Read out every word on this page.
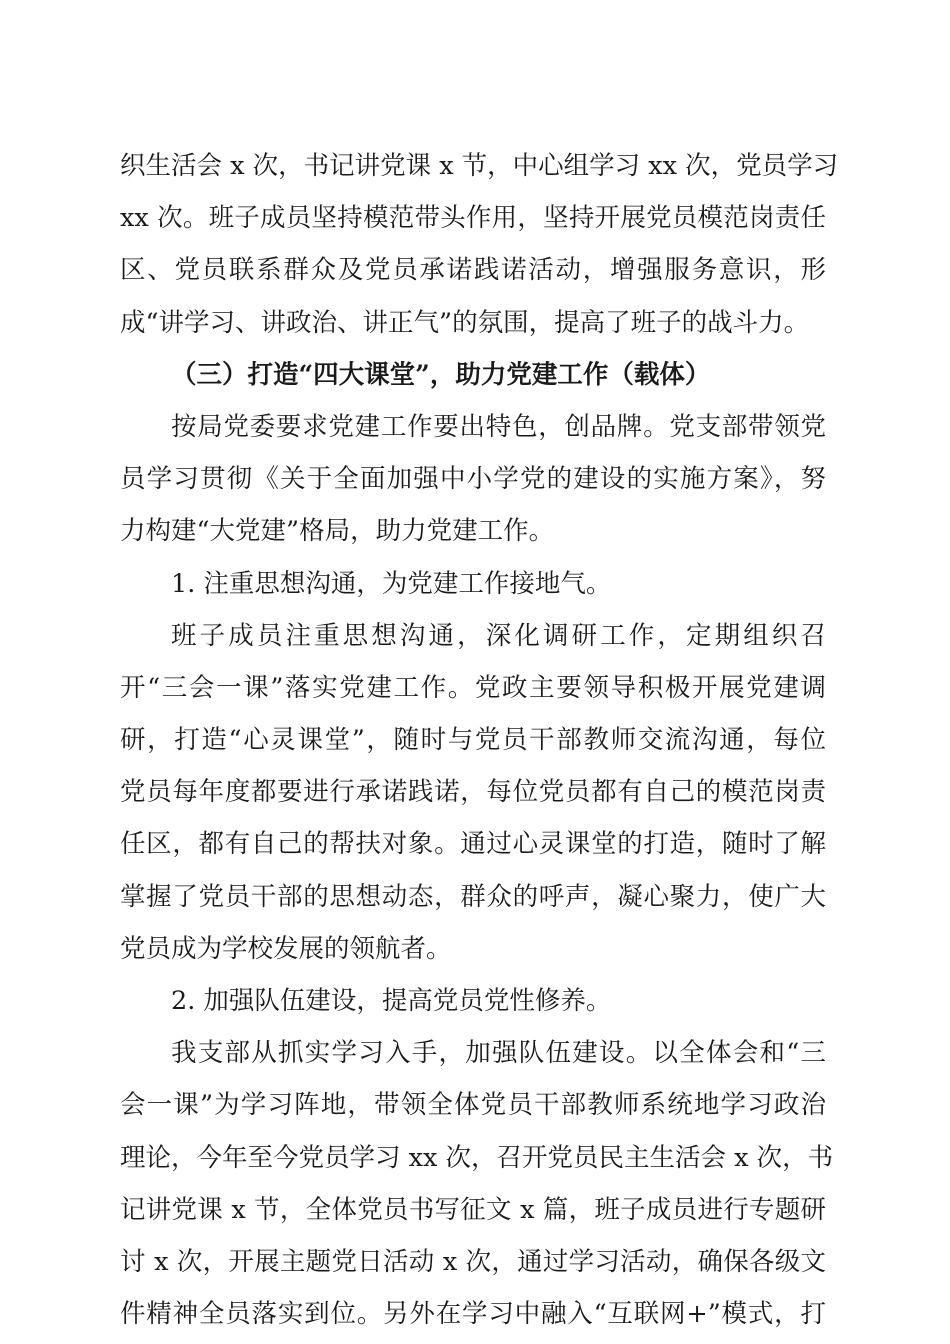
织生活会 x 次，书记讲党课 x 节，中心组学习 xx 次，党员学习
xx 次。班子成员坚持模范带头作用，坚持开展党员模范岗责任
区、党员联系群众及党员承诺践诺活动，增强服务意识，形
成“讲学习、讲政治、讲正气”的氛围，提高了班子的战斗力。
（三）打造“四大课堂”，助力党建工作（载体）
按局党委要求党建工作要出特色，创品牌。党支部带领党
员学习贯彻《关于全面加强中小学党的建设的实施方案》，努
力构建“大党建”格局，助力党建工作。
1. 注重思想沟通，为党建工作接地气。
班子成员注重思想沟通，深化调研工作，定期组织召
开“三会一课”落实党建工作。党政主要领导积极开展党建调
研，打造“心灵课堂”，随时与党员干部教师交流沟通，每位
党员每年度都要进行承诺践诺，每位党员都有自己的模范岗责
任区，都有自己的帮扶对象。通过心灵课堂的打造，随时了解
掌握了党员干部的思想动态，群众的呼声，凝心聚力，使广大
党员成为学校发展的领航者。
2. 加强队伍建设，提高党员党性修养。
我支部从抓实学习入手，加强队伍建设。以全体会和“三
会一课”为学习阵地，带领全体党员干部教师系统地学习政治
理论，今年至今党员学习 xx 次，召开党员民主生活会 x 次，书
记讲党课 x 节，全体党员书写征文 x 篇，班子成员进行专题研
讨 x 次，开展主题党日活动 x 次，通过学习活动，确保各级文
件精神全员落实到位。另外在学习中融入“互联网+”模式，打
